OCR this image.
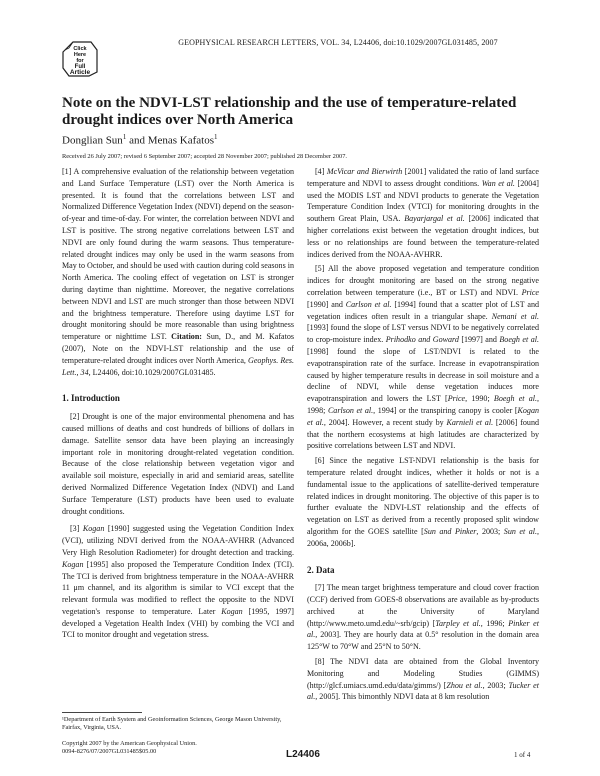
Click
Here
for
Full
Article
GEOPHYSICAL RESEARCH LETTERS, VOL. 34, L24406, doi:10.1029/2007GL031485, 2007
Note on the NDVI-LST relationship and the use of temperature-related drought indices over North America
Donglian Sun$^1$ and Menas Kafatos$^1$
Received 26 July 2007; revised 6 September 2007; accepted 28 November 2007; published 28 December 2007.

[1] A comprehensive evaluation of the relationship between vegetation and Land Surface Temperature (LST) over the North America is presented. It is found that the correlations between LST and Normalized Difference Vegetation Index (NDVI) depend on the season-of-year and time-of-day. For winter, the correlation between NDVI and LST is positive. The strong negative correlations between LST and NDVI are only found during the warm seasons. Thus temperature-related drought indices may only be used in the warm seasons from May to October, and should be used with caution during cold seasons in North America. The cooling effect of vegetation on LST is stronger during daytime than nighttime. Moreover, the negative correlations between NDVI and LST are much stronger than those between NDVI and the brightness temperature. Therefore using daytime LST for drought monitoring should be more reasonable than using brightness temperature or nighttime LST. Citation: Sun, D., and M. Kafatos (2007), Note on the NDVI-LST relationship and the use of temperature-related drought indices over North America, Geophys. Res. Lett., 34, L24406, doi:10.1029/2007GL031485.

1. Introduction

[2] Drought is one of the major environmental phenomena and has caused millions of deaths and cost hundreds of billions of dollars in damage. Satellite sensor data have been playing an increasingly important role in monitoring drought-related vegetation condition. Because of the close relationship between vegetation vigor and available soil moisture, especially in arid and semiarid areas, satellite derived Normalized Difference Vegetation Index (NDVI) and Land Surface Temperature (LST) products have been used to evaluate drought conditions.

[3] Kogan [1990] suggested using the Vegetation Condition Index (VCI), utilizing NDVI derived from the NOAA-AVHRR (Advanced Very High Resolution Radiometer) for drought detection and tracking. Kogan [1995] also proposed the Temperature Condition Index (TCI). The TCI is derived from brightness temperature in the NOAA-AVHRR 11 μm channel, and its algorithm is similar to VCI except that the relevant formula was modified to reflect the opposite to the NDVI vegetation's response to temperature. Later Kogan [1995, 1997] developed a Vegetation Health Index (VHI) by combing the VCI and TCI to monitor drought and vegetation stress.

¹Department of Earth System and Geoinformation Sciences, George Mason University, Fairfax, Virginia, USA.
Copyright 2007 by the American Geophysical Union.
0094-8276/07/2007GL031485$05.00

[4] McVicar and Bierwirth [2001] validated the ratio of land surface temperature and NDVI to assess drought conditions. Wan et al. [2004] used the MODIS LST and NDVI products to generate the Vegetation Temperature Condition Index (VTCI) for monitoring droughts in the southern Great Plain, USA. Bayarjargal et al. [2006] indicated that higher correlations exist between the vegetation drought indices, but less or no relationships are found between the temperature-related indices derived from the NOAA-AVHRR.

[5] All the above proposed vegetation and temperature condition indices for drought monitoring are based on the strong negative correlation between temperature (i.e., BT or LST) and NDVI. Price [1990] and Carlson et al. [1994] found that a scatter plot of LST and vegetation indices often result in a triangular shape. Nemani et al. [1993] found the slope of LST versus NDVI to be negatively correlated to crop-moisture index. Prihodko and Goward [1997] and Boegh et al. [1998] found the slope of LST/NDVI is related to the evapotranspiration rate of the surface. Increase in evapotranspiration caused by higher temperature results in decrease in soil moisture and a decline of NDVI, while dense vegetation induces more evapotranspiration and lowers the LST [Price, 1990; Boegh et al., 1998; Carlson et al., 1994] or the transpiring canopy is cooler [Kogan et al., 2004]. However, a recent study by Karnieli et al. [2006] found that the northern ecosystems at high latitudes are characterized by positive correlations between LST and NDVI.

[6] Since the negative LST-NDVI relationship is the basis for temperature related drought indices, whether it holds or not is a fundamental issue to the applications of satellite-derived temperature related indices in drought monitoring. The objective of this paper is to further evaluate the NDVI-LST relationship and the effects of vegetation on LST as derived from a recently proposed split window algorithm for the GOES satellite [Sun and Pinker, 2003; Sun et al., 2006a, 2006b].

2. Data

[7] The mean target brightness temperature and cloud cover fraction (CCF) derived from GOES-8 observations are available as by-products archived at the University of Maryland (http://www.meto.umd.edu/~srb/gcip) [Tarpley et al., 1996; Pinker et al., 2003]. They are hourly data at 0.5° resolution in the domain area 125°W to 70°W and 25°N to 50°N.

[8] The NDVI data are obtained from the Global Inventory Monitoring and Modeling Studies (GIMMS) (http://glcf.umiacs.umd.edu/data/gimms/) [Zhou et al., 2003; Tucker et al., 2005]. This bimonthly NDVI data at 8 km resolution

L24406	1 of 4
